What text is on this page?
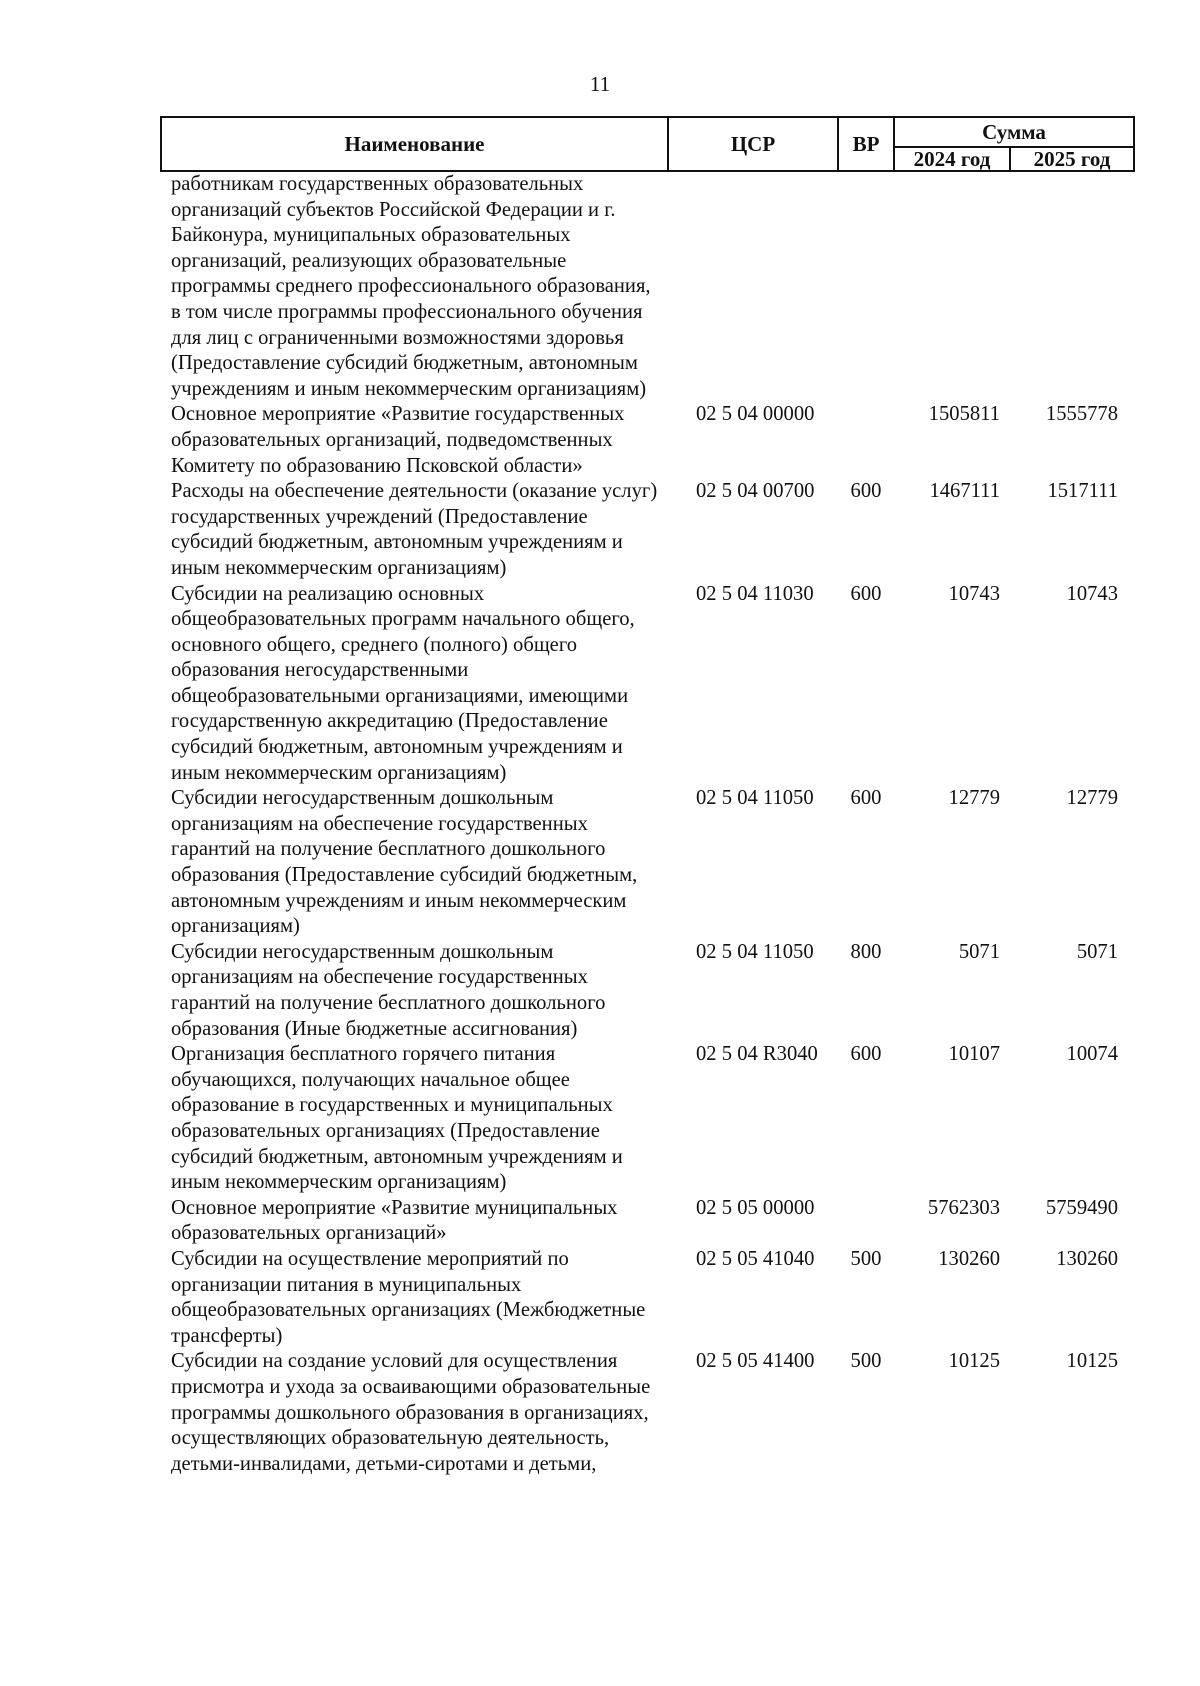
11
Наименование	ЦСР	ВР	Сумма	
			2024 год	2025 год
работникам государственных образовательных организаций субъектов Российской Федерации и г. Байконура, муниципальных образовательных организаций, реализующих образовательные программы среднего профессионального образования, в том числе программы профессионального обучения для лиц с ограниченными возможностями здоровья (Предоставление субсидий бюджетным, автономным учреждениям и иным некоммерческим организациям)				
Основное мероприятие «Развитие государственных образовательных организаций, подведомственных Комитету по образованию Псковской области»	02 5 04 00000		1505811	1555778
Расходы на обеспечение деятельности (оказание услуг) государственных учреждений (Предоставление субсидий бюджетным, автономным учреждениям и иным некоммерческим организациям)	02 5 04 00700	600	1467111	1517111
Субсидии на реализацию основных общеобразовательных программ начального общего, основного общего, среднего (полного) общего образования негосударственными общеобразовательными организациями, имеющими государственную аккредитацию (Предоставление субсидий бюджетным, автономным учреждениям и иным некоммерческим организациям)	02 5 04 11030	600	10743	10743
Субсидии негосударственным дошкольным организациям на обеспечение государственных гарантий на получение бесплатного дошкольного образования (Предоставление субсидий бюджетным, автономным учреждениям и иным некоммерческим организациям)	02 5 04 11050	600	12779	12779
Субсидии негосударственным дошкольным организациям на обеспечение государственных гарантий на получение бесплатного дошкольного образования (Иные бюджетные ассигнования)	02 5 04 11050	800	5071	5071
Организация бесплатного горячего питания обучающихся, получающих начальное общее образование в государственных и муниципальных образовательных организациях (Предоставление субсидий бюджетным, автономным учреждениям и иным некоммерческим организациям)	02 5 04 R3040	600	10107	10074
Основное мероприятие «Развитие муниципальных образовательных организаций»	02 5 05 00000		5762303	5759490
Субсидии на осуществление мероприятий по организации питания в муниципальных общеобразовательных организациях (Межбюджетные трансферты)	02 5 05 41040	500	130260	130260
Субсидии на создание условий для осуществления присмотра и ухода за осваивающими образовательные программы дошкольного образования в организациях, осуществляющих образовательную деятельность, детьми-инвалидами, детьми-сиротами и детьми,	02 5 05 41400	500	10125	10125
